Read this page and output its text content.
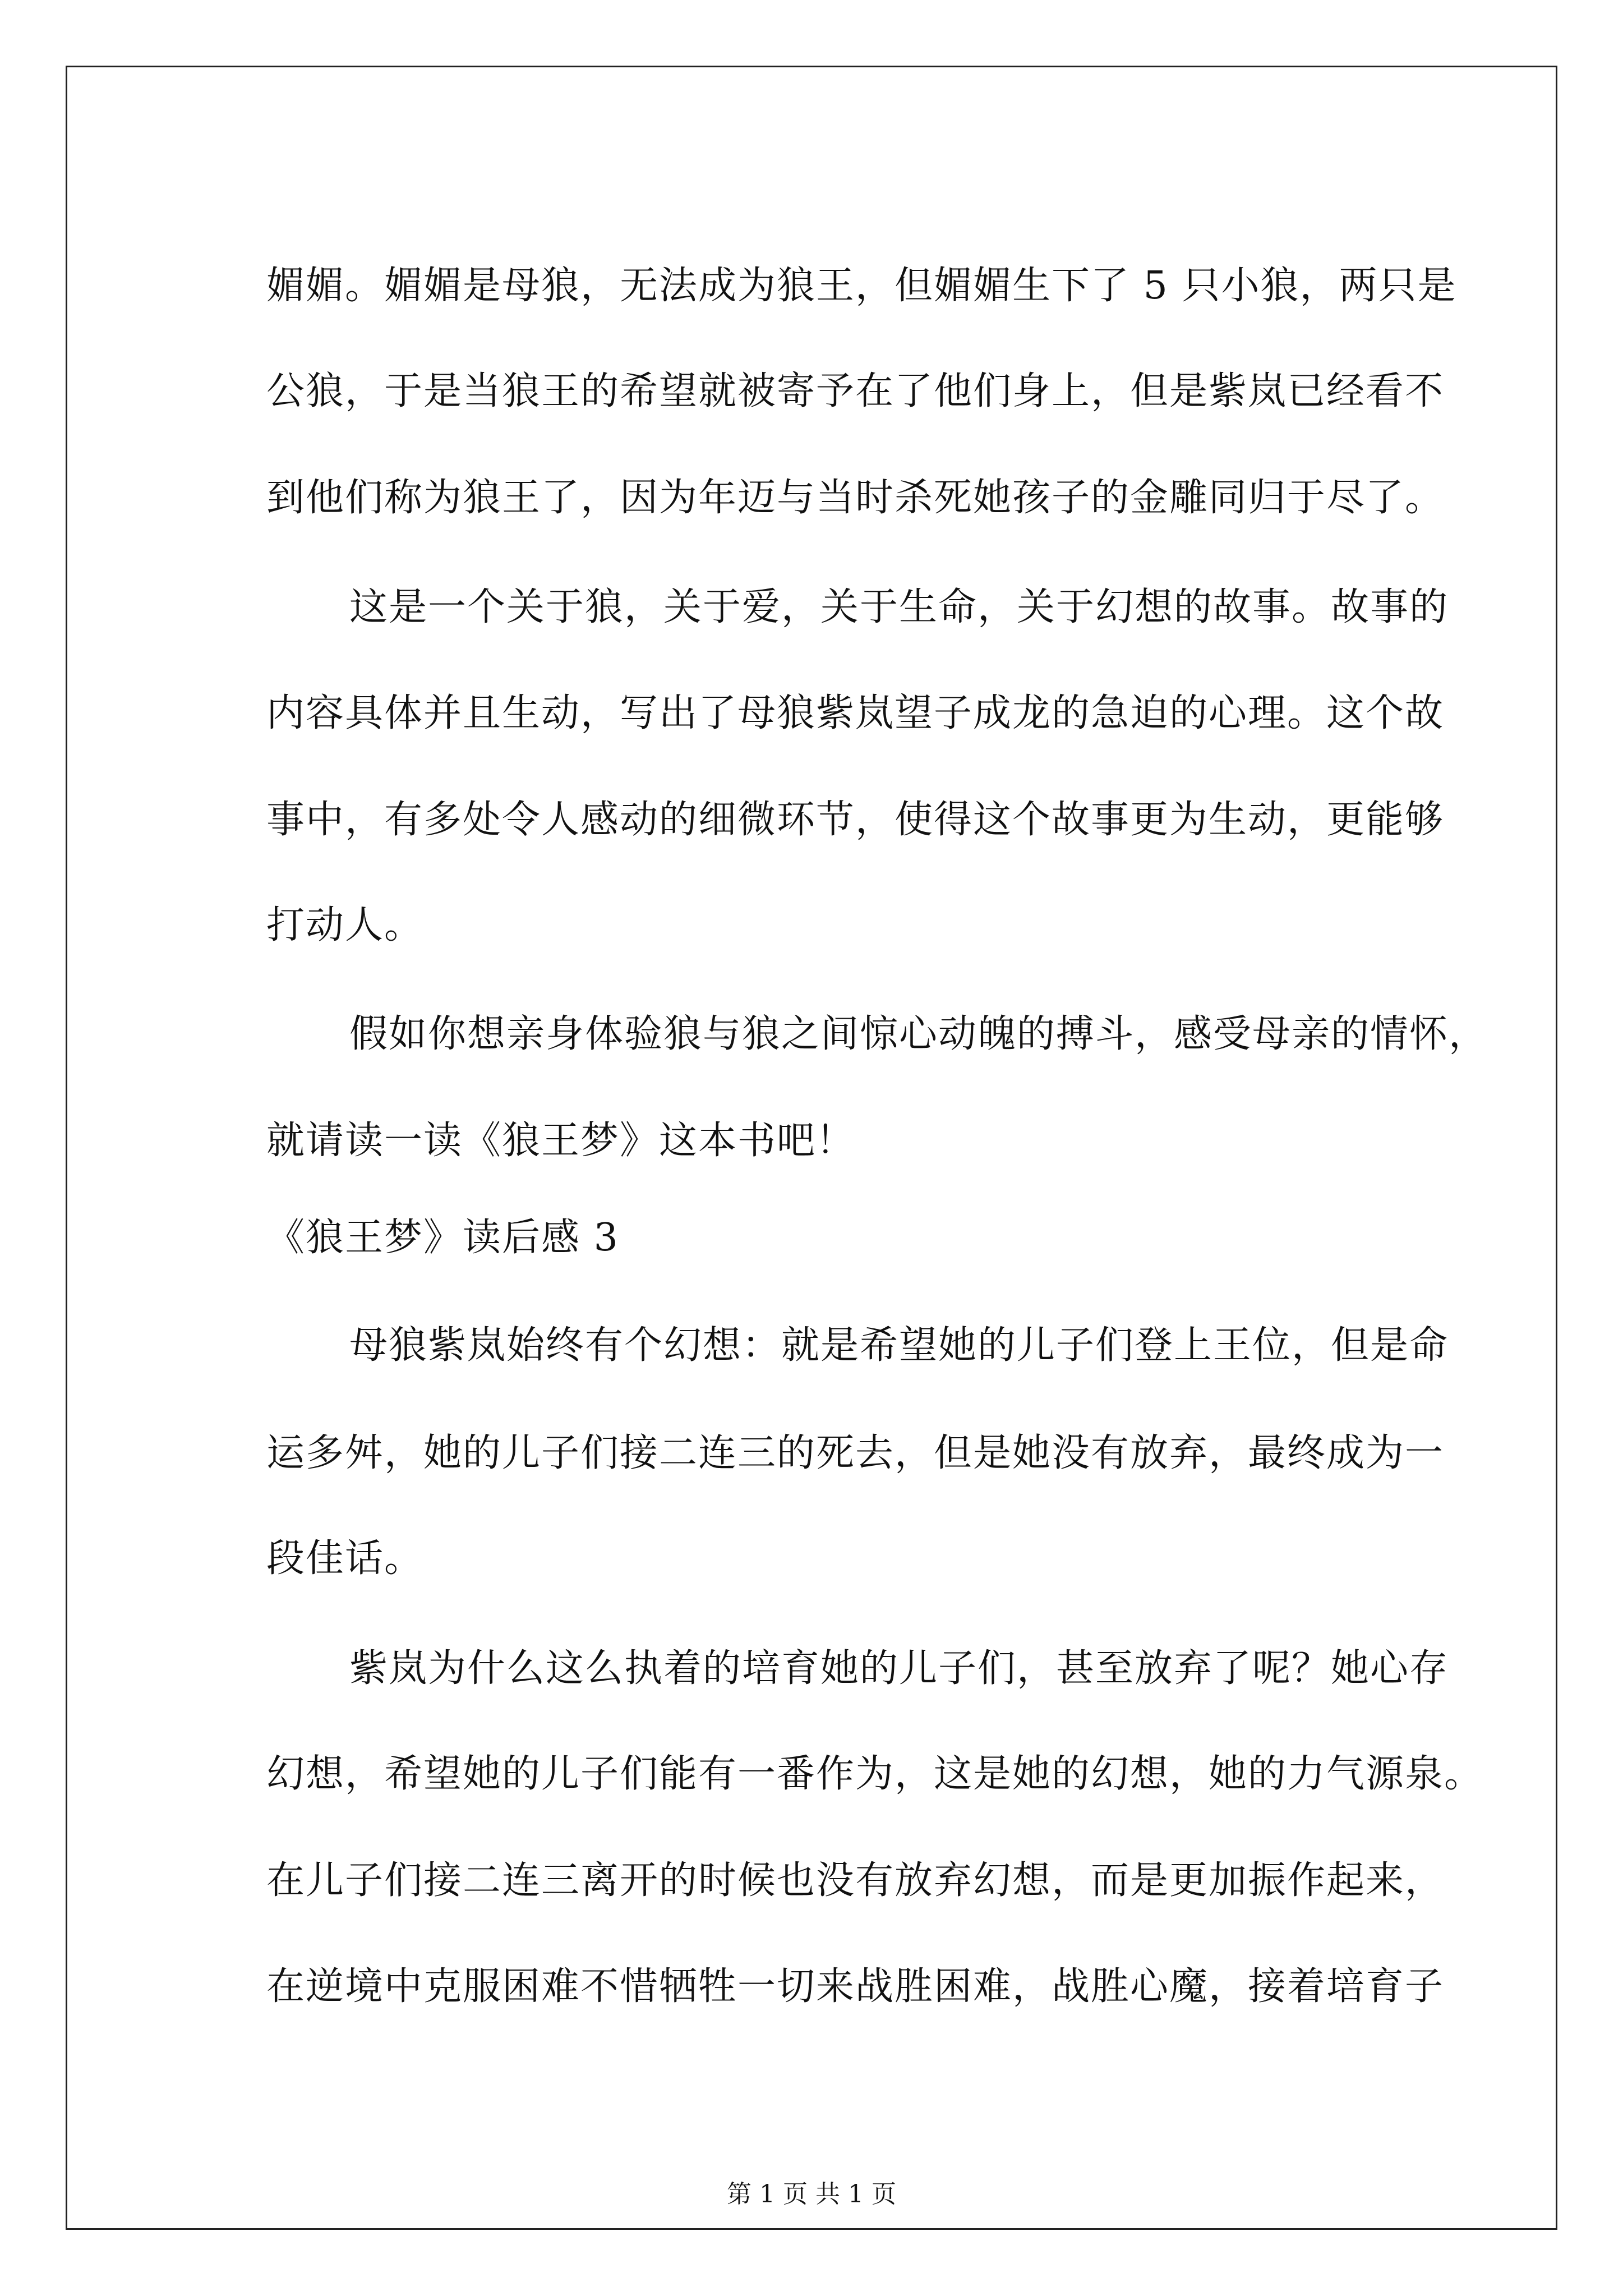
媚媚。媚媚是母狼，无法成为狼王，但媚媚生下了 5 只小狼，两只是
公狼，于是当狼王的希望就被寄予在了他们身上，但是紫岚已经看不
到他们称为狼王了，因为年迈与当时杀死她孩子的金雕同归于尽了。
这是一个关于狼，关于爱，关于生命，关于幻想的故事。故事的
内容具体并且生动，写出了母狼紫岚望子成龙的急迫的心理。这个故
事中，有多处令人感动的细微环节，使得这个故事更为生动，更能够
打动人。
假如你想亲身体验狼与狼之间惊心动魄的搏斗，感受母亲的情怀，
就请读一读《狼王梦》这本书吧！
《狼王梦》读后感 3
母狼紫岚始终有个幻想：就是希望她的儿子们登上王位，但是命
运多舛，她的儿子们接二连三的死去，但是她没有放弃，最终成为一
段佳话。
紫岚为什么这么执着的培育她的儿子们，甚至放弃了呢？她心存
幻想，希望她的儿子们能有一番作为，这是她的幻想，她的力气源泉。
在儿子们接二连三离开的时候也没有放弃幻想，而是更加振作起来，
在逆境中克服困难不惜牺牲一切来战胜困难，战胜心魔，接着培育子
第 1 页 共 1 页
